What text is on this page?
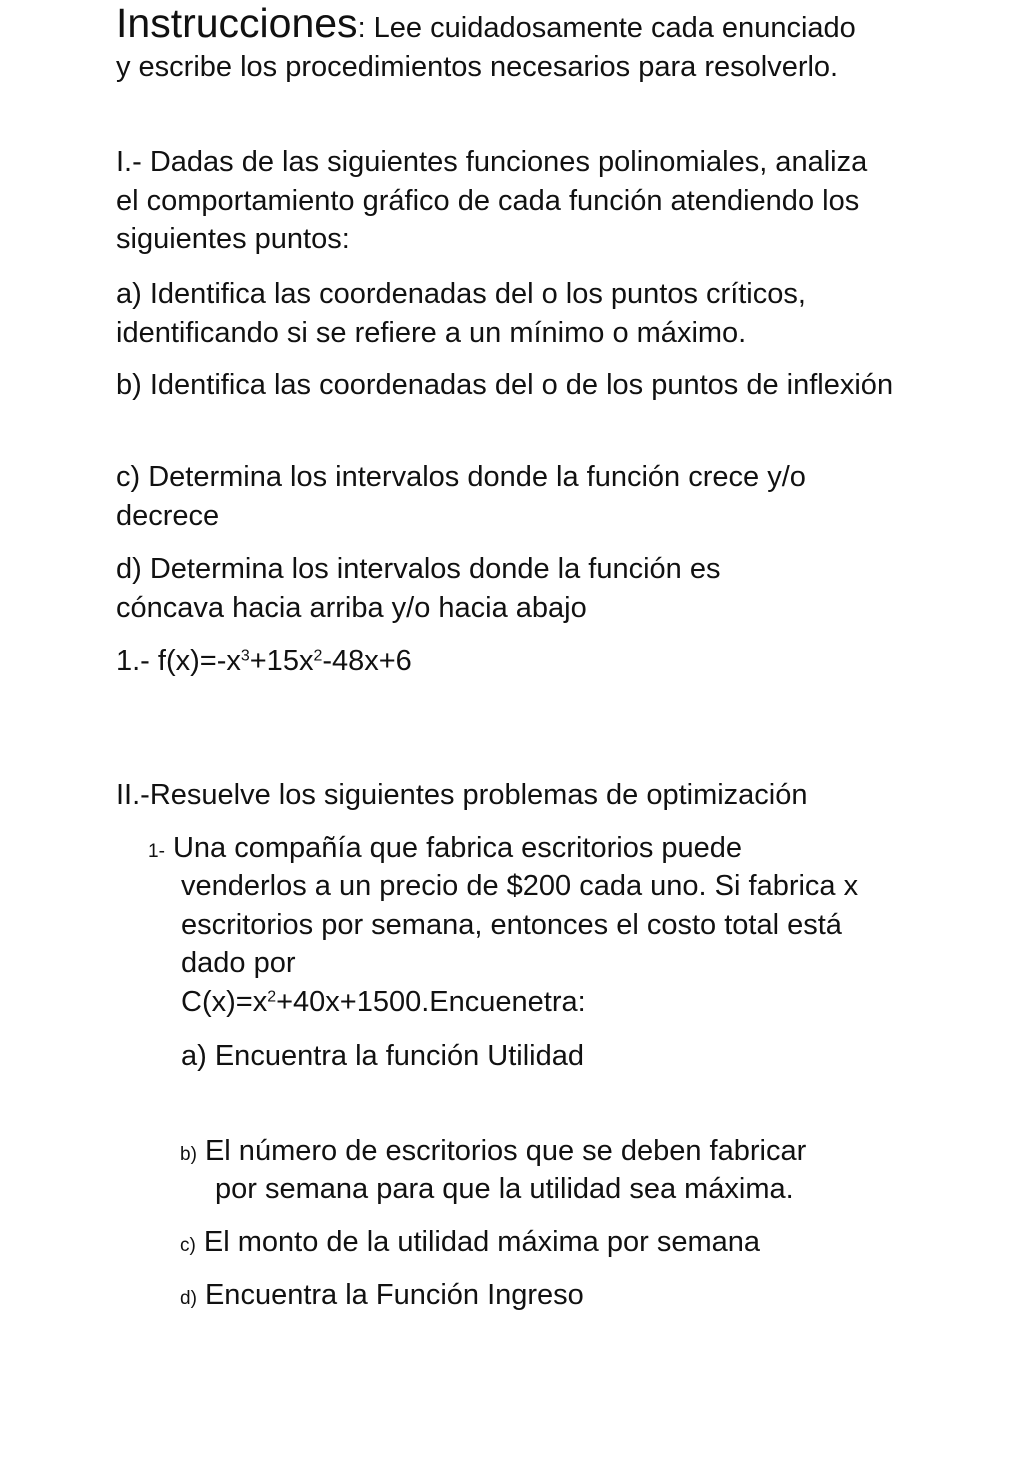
Instrucciones: Lee cuidadosamente cada enunciado y escribe los procedimientos necesarios para resolverlo.

I.- Dadas de las siguientes funciones polinomiales, analiza el comportamiento gráfico de cada función atendiendo los siguientes puntos:

a) Identifica las coordenadas del o los puntos críticos, identificando si se refiere a un mínimo o máximo.

b) Identifica las coordenadas del o de los puntos de inflexión

c) Determina los intervalos donde la función crece y/o decrece

d) Determina los intervalos donde la función es cóncava hacia arriba y/o hacia abajo

1.- $f(x)=-x^3+15x^2-48x+6$

II.-Resuelve los siguientes problemas de optimización

1- Una compañía que fabrica escritorios puede

venderlos a un precio de $200 cada uno. Si fabrica x escritorios por semana, entonces el costo total está dado por

$C(x)=x^2+40x+1500.Encuenetra$:

a) Encuentra la función Utilidad

b) El número de escritorios que se deben fabricar

por semana para que la utilidad sea máxima.

c) El monto de la utilidad máxima por semana

d) Encuentra la Función Ingreso
